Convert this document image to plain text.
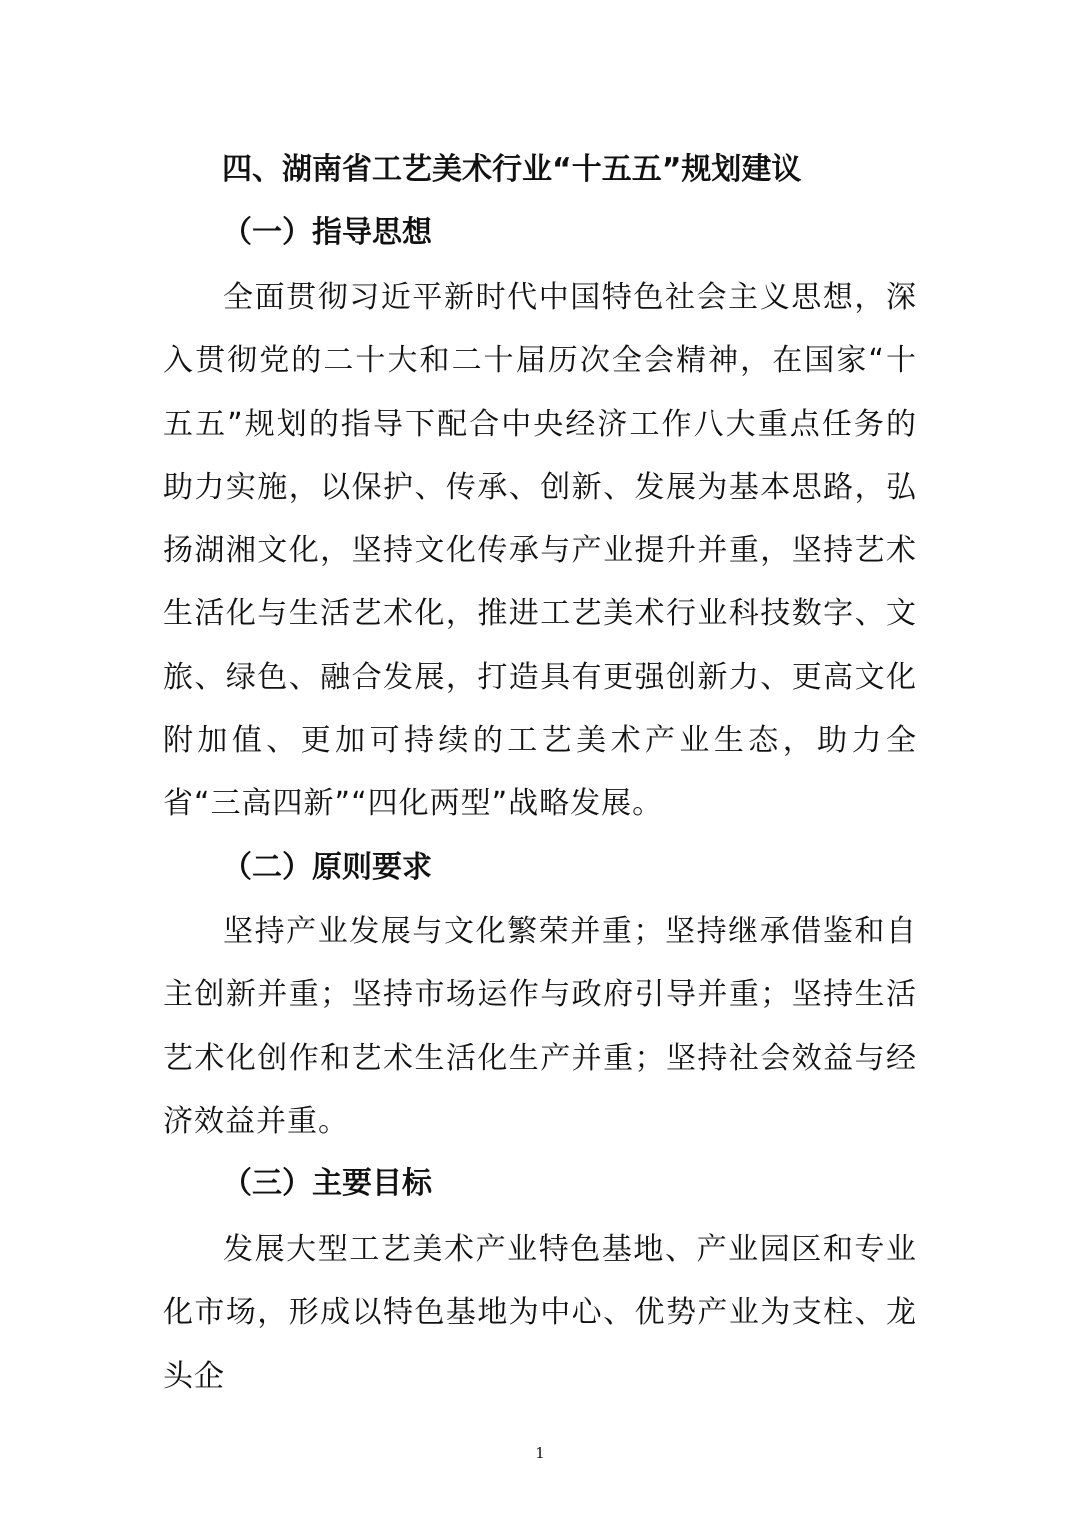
四、湖南省工艺美术行业“十五五”规划建议
（一）指导思想
全面贯彻习近平新时代中国特色社会主义思想，深入贯彻党的二十大和二十届历次全会精神，在国家“十五五”规划的指导下配合中央经济工作八大重点任务的助力实施，以保护、传承、创新、发展为基本思路，弘扬湖湘文化，坚持文化传承与产业提升并重，坚持艺术生活化与生活艺术化，推进工艺美术行业科技数字、文旅、绿色、融合发展，打造具有更强创新力、更高文化附加值、更加可持续的工艺美术产业生态，助力全省“三高四新”“四化两型”战略发展。
（二）原则要求
坚持产业发展与文化繁荣并重；坚持继承借鉴和自主创新并重；坚持市场运作与政府引导并重；坚持生活艺术化创作和艺术生活化生产并重；坚持社会效益与经济效益并重。
（三）主要目标
发展大型工艺美术产业特色基地、产业园区和专业化市场，形成以特色基地为中心、优势产业为支柱、龙头企
1
